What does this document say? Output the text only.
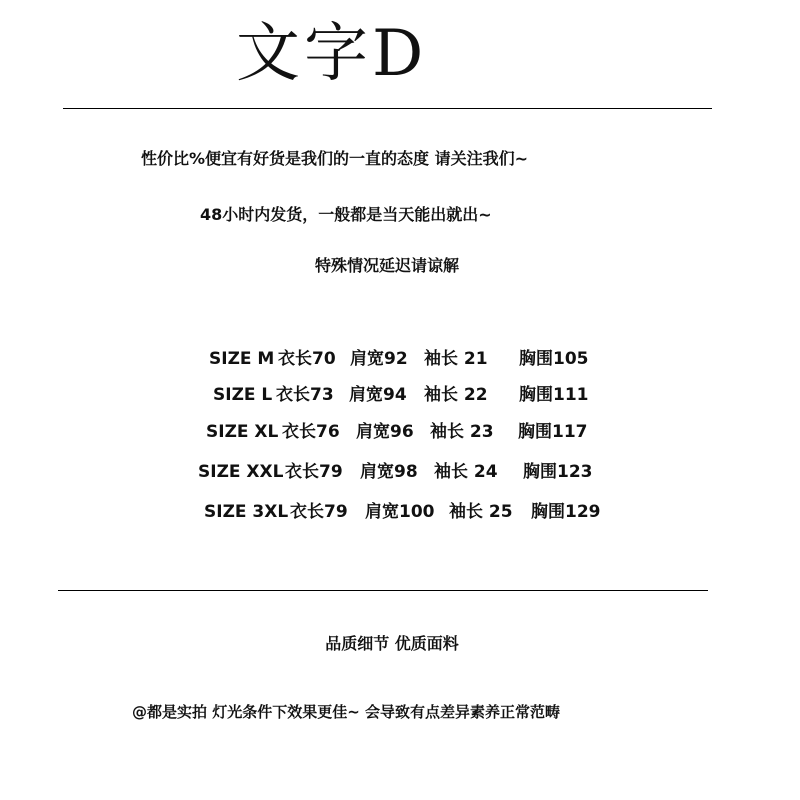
文字D
性价比%便宜有好货是我们的一直的态度 请关注我们~
48小时内发货，一般都是当天能出就出~
特殊情况延迟请谅解
SIZE M 衣长70 肩宽92 袖长 21 胸围105
SIZE L 衣长73 肩宽94 袖长 22 胸围111
SIZE XL 衣长76 肩宽96 袖长 23 胸围117
SIZE XXL 衣长79 肩宽98 袖长 24 胸围123
SIZE 3XL 衣长79 肩宽100 袖长 25 胸围129
品质细节 优质面料
@都是实拍 灯光条件下效果更佳~ 会导致有点差异素养正常范畴
